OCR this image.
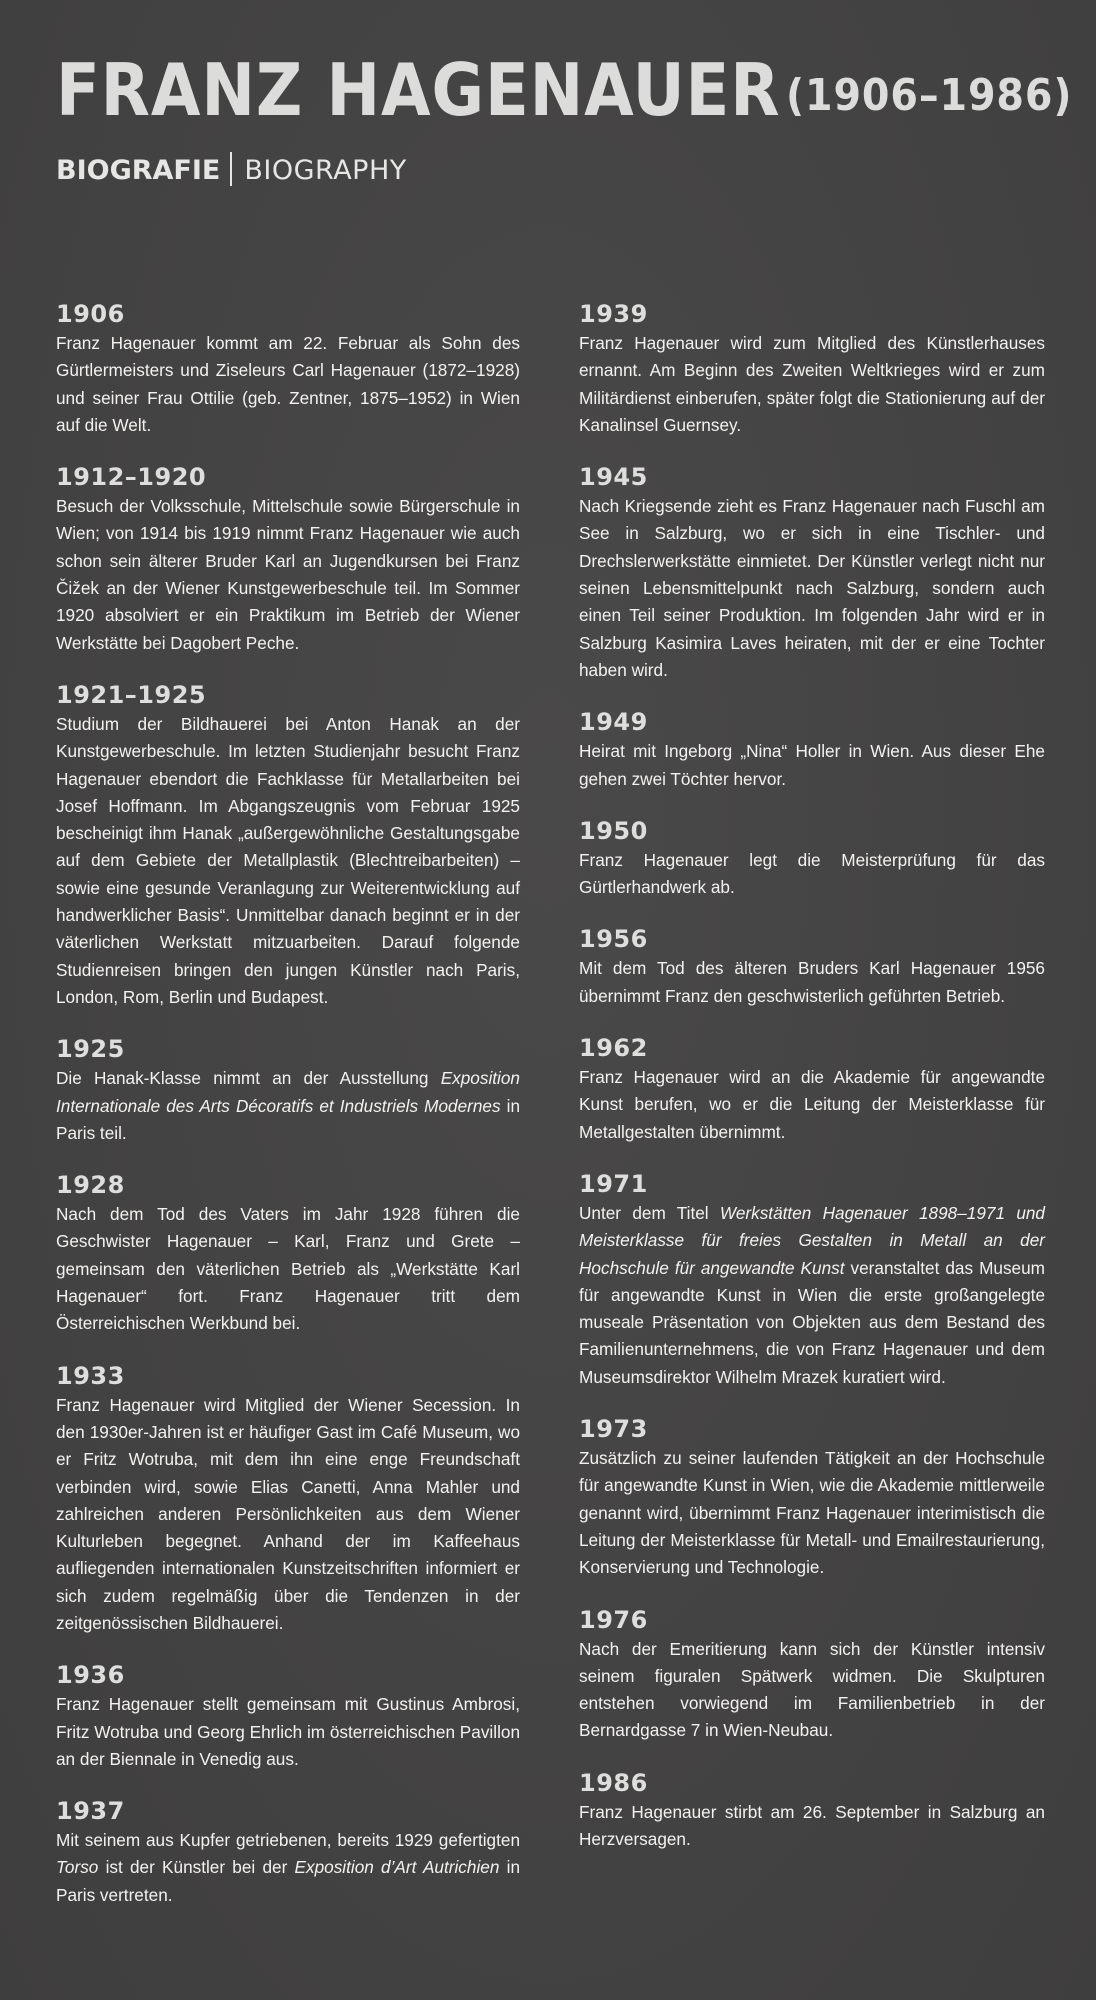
FRANZ HAGENAUER (1906–1986)
BIOGRAFIE BIOGRAPHY
1906

Franz Hagenauer kommt am 22. Februar als Sohn des Gürtlermeisters und Ziseleurs Carl Hagenauer (1872–1928) und seiner Frau Ottilie (geb. Zentner, 1875–1952) in Wien auf die Welt.

1912–1920

Besuch der Volksschule, Mittelschule sowie Bürgerschule in Wien; von 1914 bis 1919 nimmt Franz Hagenauer wie auch schon sein älterer Bruder Karl an Jugendkursen bei Franz Čižek an der Wiener Kunstgewerbeschule teil. Im Sommer 1920 absolviert er ein Praktikum im Betrieb der Wiener Werkstätte bei Dagobert Peche.

1921–1925

Studium der Bildhauerei bei Anton Hanak an der Kunstgewerbeschule. Im letzten Studienjahr besucht Franz Hagenauer ebendort die Fachklasse für Metallarbeiten bei Josef Hoffmann. Im Abgangszeugnis vom Februar 1925 bescheinigt ihm Hanak „außergewöhnliche Gestaltungsgabe auf dem Gebiete der Metallplastik (Blechtreibarbeiten) – sowie eine gesunde Veranlagung zur Weiterentwicklung auf handwerklicher Basis“. Unmittelbar danach beginnt er in der väterlichen Werkstatt mitzuarbeiten. Darauf folgende Studienreisen bringen den jungen Künstler nach Paris, London, Rom, Berlin und Budapest.

1925

Die Hanak-Klasse nimmt an der Ausstellung Exposition Internationale des Arts Décoratifs et Industriels Modernes in Paris teil.

1928

Nach dem Tod des Vaters im Jahr 1928 führen die Geschwister Hagenauer – Karl, Franz und Grete – gemeinsam den väterlichen Betrieb als „Werkstätte Karl Hagenauer“ fort. Franz Hagenauer tritt dem Österreichischen Werkbund bei.

1933

Franz Hagenauer wird Mitglied der Wiener Secession. In den 1930er-Jahren ist er häufiger Gast im Café Museum, wo er Fritz Wotruba, mit dem ihn eine enge Freundschaft verbinden wird, sowie Elias Canetti, Anna Mahler und zahlreichen anderen Persönlichkeiten aus dem Wiener Kulturleben begegnet. Anhand der im Kaffeehaus aufliegenden internationalen Kunstzeitschriften informiert er sich zudem regelmäßig über die Tendenzen in der zeitgenössischen Bildhauerei.

1936

Franz Hagenauer stellt gemeinsam mit Gustinus Ambrosi, Fritz Wotruba und Georg Ehrlich im österreichischen Pavillon an der Biennale in Venedig aus.

1937

Mit seinem aus Kupfer getriebenen, bereits 1929 gefertigten Torso ist der Künstler bei der Exposition d’Art Autrichien in Paris vertreten.

1939

Franz Hagenauer wird zum Mitglied des Künstlerhauses ernannt. Am Beginn des Zweiten Weltkrieges wird er zum Militärdienst einberufen, später folgt die Stationierung auf der Kanalinsel Guernsey.

1945

Nach Kriegsende zieht es Franz Hagenauer nach Fuschl am See in Salzburg, wo er sich in eine Tischler- und Drechslerwerkstätte einmietet. Der Künstler verlegt nicht nur seinen Lebensmittelpunkt nach Salzburg, sondern auch einen Teil seiner Produktion. Im folgenden Jahr wird er in Salzburg Kasimira Laves heiraten, mit der er eine Tochter haben wird.

1949

Heirat mit Ingeborg „Nina“ Holler in Wien. Aus dieser Ehe gehen zwei Töchter hervor.

1950

Franz Hagenauer legt die Meisterprüfung für das Gürtlerhandwerk ab.

1956

Mit dem Tod des älteren Bruders Karl Hagenauer 1956 übernimmt Franz den geschwisterlich geführten Betrieb.

1962

Franz Hagenauer wird an die Akademie für angewandte Kunst berufen, wo er die Leitung der Meisterklasse für Metallgestalten übernimmt.

1971

Unter dem Titel Werkstätten Hagenauer 1898–1971 und Meisterklasse für freies Gestalten in Metall an der Hochschule für angewandte Kunst veranstaltet das Museum für angewandte Kunst in Wien die erste großangelegte museale Präsentation von Objekten aus dem Bestand des Familienunternehmens, die von Franz Hagenauer und dem Museumsdirektor Wilhelm Mrazek kuratiert wird.

1973

Zusätzlich zu seiner laufenden Tätigkeit an der Hochschule für angewandte Kunst in Wien, wie die Akademie mittlerweile genannt wird, übernimmt Franz Hagenauer interimistisch die Leitung der Meisterklasse für Metall- und Emailrestaurierung, Konservierung und Technologie.

1976

Nach der Emeritierung kann sich der Künstler intensiv seinem figuralen Spätwerk widmen. Die Skulpturen entstehen vorwiegend im Familienbetrieb in der Bernardgasse 7 in Wien-Neubau.

1986

Franz Hagenauer stirbt am 26. September in Salzburg an Herzversagen.
